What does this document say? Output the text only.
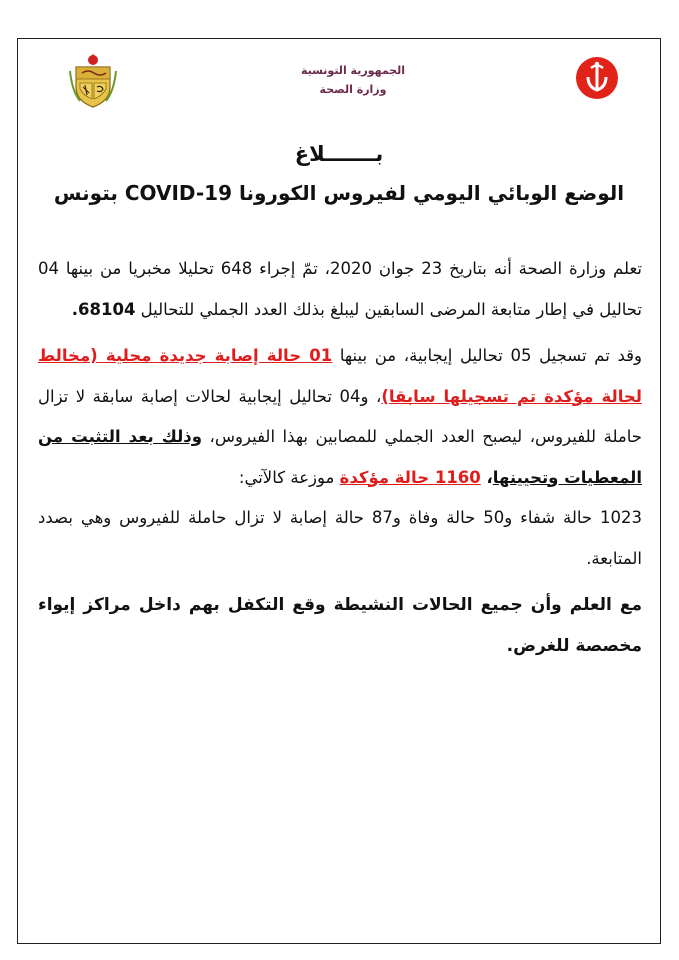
الجمهورية التونسية
وزارة الصحة
بـــــــلاغ
الوضع الوبائي اليومي لفيروس الكورونا COVID-19 بتونس

تعلم وزارة الصحة أنه بتاريخ 23 جوان 2020، تمّ إجراء 648 تحليلا مخبريا من بينها 04 تحاليل في إطار متابعة المرضى السابقين ليبلغ بذلك العدد الجملي للتحاليل 68104.

وقد تم تسجيل 05 تحاليل إيجابية، من بينها 01 حالة إصابة جديدة محلية (مخالط لحالة مؤكدة تم تسجيلها سابقا)، و04 تحاليل إيجابية لحالات إصابة سابقة لا تزال حاملة للفيروس، ليصبح العدد الجملي للمصابين بهذا الفيروس، وذلك بعد التثبت من المعطيات وتحيينها، 1160 حالة مؤكدة موزعة كالآتي:

1023 حالة شفاء و50 حالة وفاة و87 حالة إصابة لا تزال حاملة للفيروس وهي بصدد المتابعة.

مع العلم وأن جميع الحالات النشيطة وقع التكفل بهم داخل مراكز إيواء مخصصة للغرض.
